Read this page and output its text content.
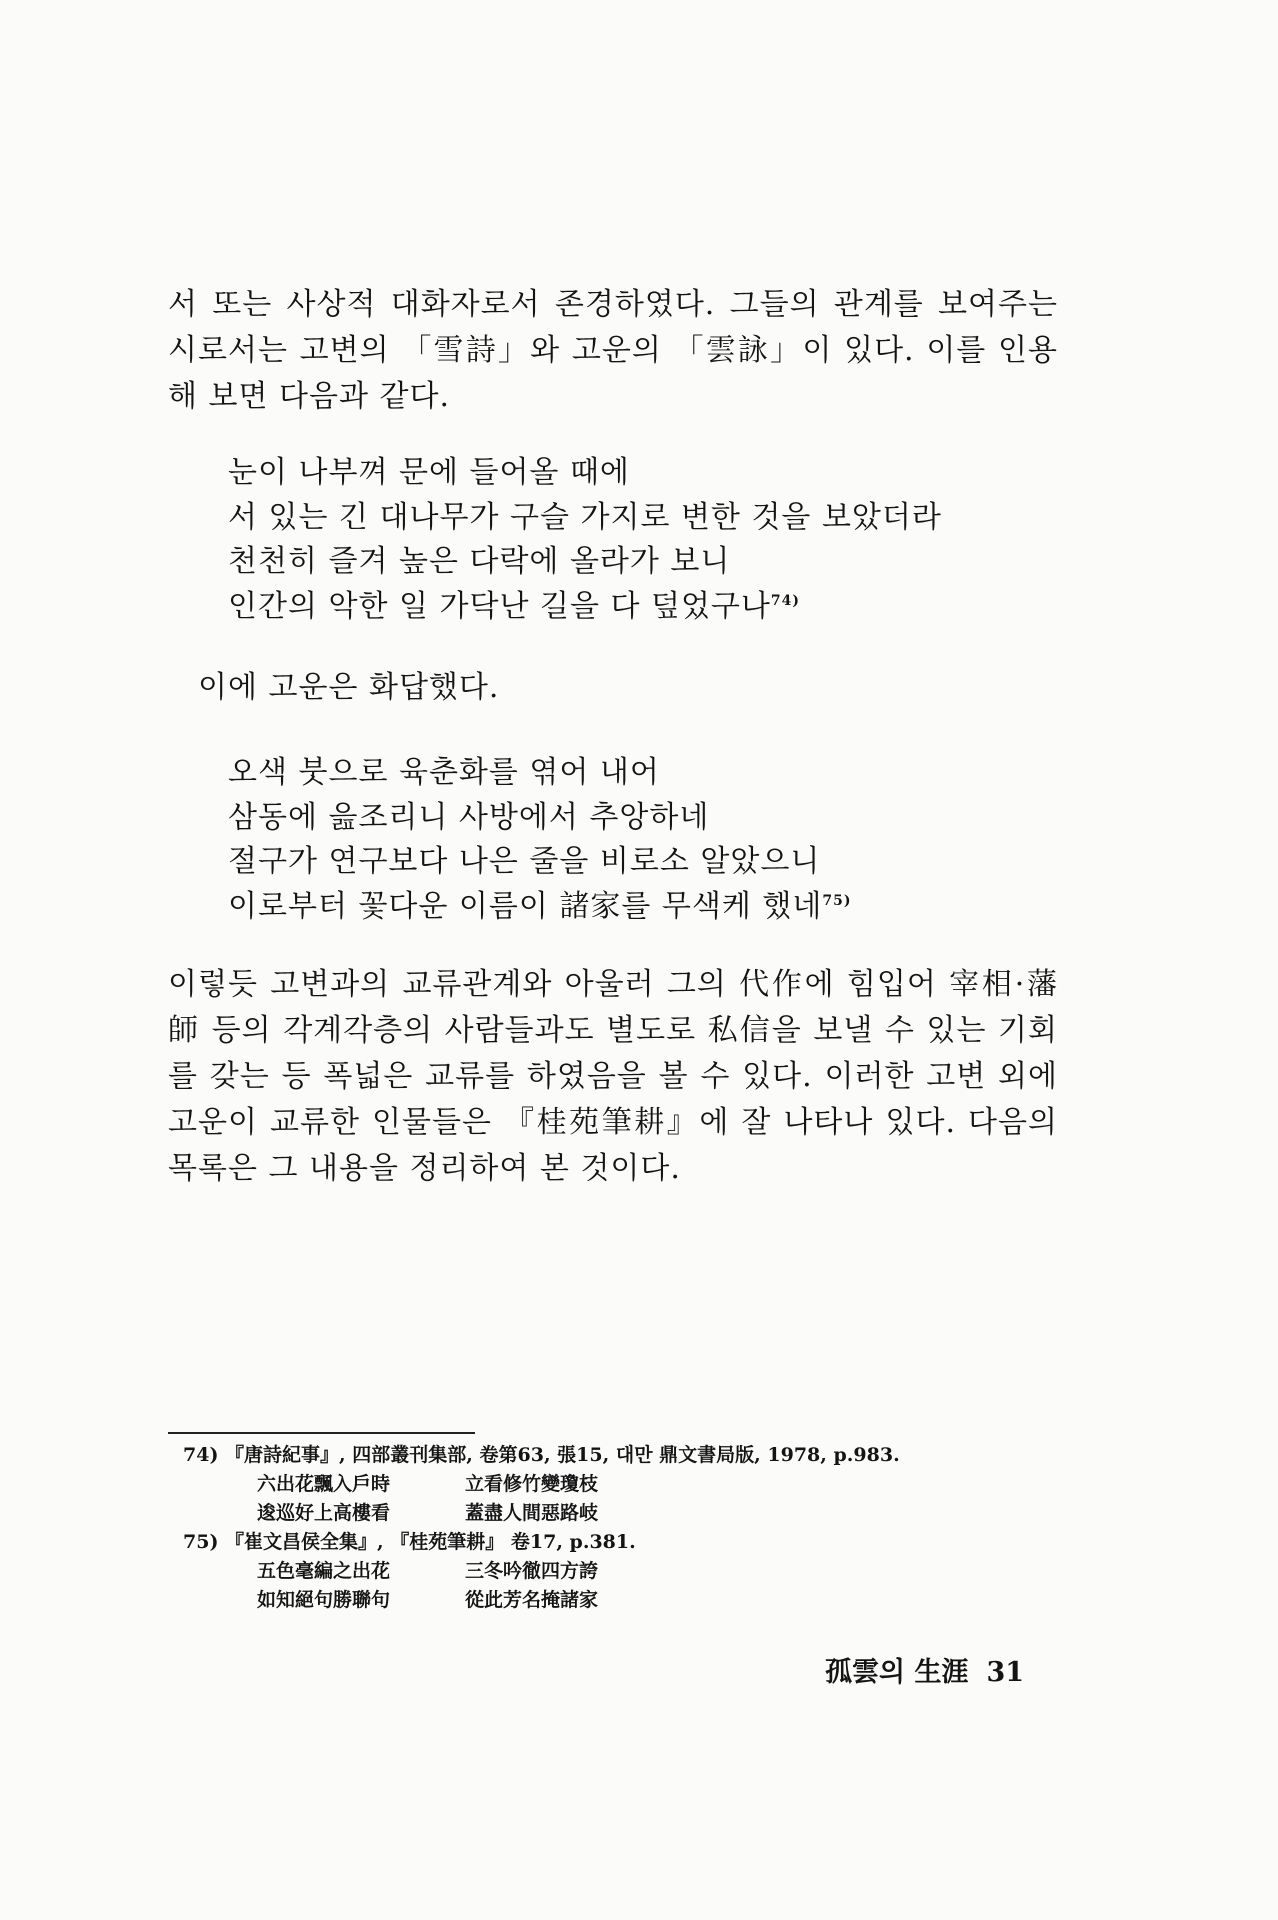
서 또는 사상적 대화자로서 존경하였다. 그들의 관계를 보여주는 시로서는 고변의 「雪詩」와 고운의 「雲詠」이 있다. 이를 인용해 보면 다음과 같다.
눈이 나부껴 문에 들어올 때에
서 있는 긴 대나무가 구슬 가지로 변한 것을 보았더라
천천히 즐겨 높은 다락에 올라가 보니
인간의 악한 일 가닥난 길을 다 덮었구나$^{74)}$
이에 고운은 화답했다.
오색 붓으로 육춘화를 엮어 내어
삼동에 읊조리니 사방에서 추앙하네
절구가 연구보다 나은 줄을 비로소 알았으니
이로부터 꽃다운 이름이 諸家를 무색케 했네$^{75)}$
이렇듯 고변과의 교류관계와 아울러 그의 代作에 힘입어 宰相·藩師 등의 각계각층의 사람들과도 별도로 私信을 보낼 수 있는 기회를 갖는 등 폭넓은 교류를 하였음을 볼 수 있다. 이러한 고변 외에 고운이 교류한 인물들은 『桂苑筆耕』에 잘 나타나 있다. 다음의 목록은 그 내용을 정리하여 본 것이다.
74) 『唐詩紀事』, 四部叢刊集部, 卷第63, 張15, 대만 鼎文書局版, 1978, p.983.
六出花飄入戶時	立看修竹變瓊枝
逡巡好上高樓看	蓋盡人間惡路岐
75) 『崔文昌侯全集』, 『桂苑筆耕』 卷17, p.381.
五色毫編之出花	三冬吟徹四方誇
如知絕句勝聯句	從此芳名掩諸家
孤雲의 生涯 31
